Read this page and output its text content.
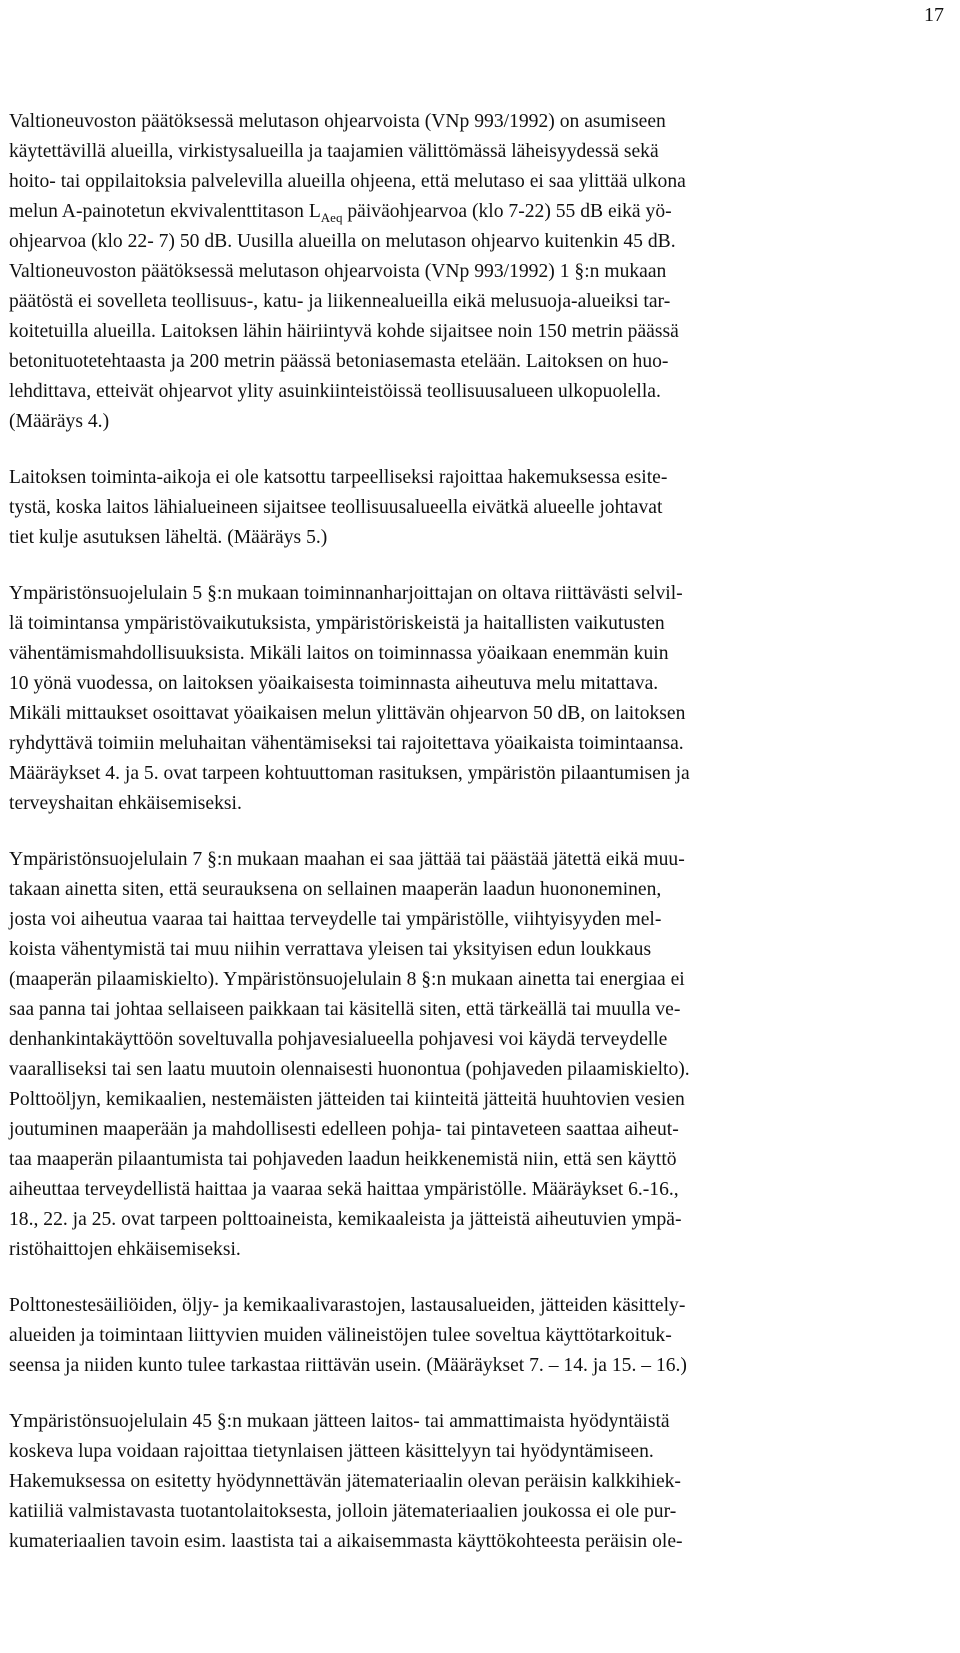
17
Valtioneuvoston päätöksessä melutason ohjearvoista (VNp 993/1992) on asumiseen
käytettävillä alueilla, virkistysalueilla ja taajamien välittömässä läheisyydessä sekä
hoito- tai oppilaitoksia palvelevilla alueilla ohjeena, että melutaso ei saa ylittää ulkona
melun A-painotetun ekvivalenttitason $L_{Aeq}$ päiväohjearvoa (klo 7-22) 55 dB eikä yö-
ohjearvoa (klo 22- 7) 50 dB. Uusilla alueilla on melutason ohjearvo kuitenkin 45 dB.
Valtioneuvoston päätöksessä melutason ohjearvoista (VNp 993/1992) 1 §:n mukaan
päätöstä ei sovelleta teollisuus-, katu- ja liikennealueilla eikä melusuoja-alueiksi tar-
koitetuilla alueilla. Laitoksen lähin häiriintyvä kohde sijaitsee noin 150 metrin päässä
betonituotetehtaasta ja 200 metrin päässä betoniasemasta etelään. Laitoksen on huo-
lehdittava, etteivät ohjearvot ylity asuinkiinteistöissä teollisuusalueen ulkopuolella.
(Määräys 4.)
Laitoksen toiminta-aikoja ei ole katsottu tarpeelliseksi rajoittaa hakemuksessa esite-
tystä, koska laitos lähialueineen sijaitsee teollisuusalueella eivätkä alueelle johtavat
tiet kulje asutuksen läheltä. (Määräys 5.)
Ympäristönsuojelulain 5 §:n mukaan toiminnanharjoittajan on oltava riittävästi selvil-
lä toimintansa ympäristövaikutuksista, ympäristöriskeistä ja haitallisten vaikutusten
vähentämismahdollisuuksista. Mikäli laitos on toiminnassa yöaikaan enemmän kuin
10 yönä vuodessa, on laitoksen yöaikaisesta toiminnasta aiheutuva melu mitattava.
Mikäli mittaukset osoittavat yöaikaisen melun ylittävän ohjearvon 50 dB, on laitoksen
ryhdyttävä toimiin meluhaitan vähentämiseksi tai rajoitettava yöaikaista toimintaansa.
Määräykset 4. ja 5. ovat tarpeen kohtuuttoman rasituksen, ympäristön pilaantumisen ja
terveyshaitan ehkäisemiseksi.
Ympäristönsuojelulain 7 §:n mukaan maahan ei saa jättää tai päästää jätettä eikä muu-
takaan ainetta siten, että seurauksena on sellainen maaperän laadun huononeminen,
josta voi aiheutua vaaraa tai haittaa terveydelle tai ympäristölle, viihtyisyyden mel-
koista vähentymistä tai muu niihin verrattava yleisen tai yksityisen edun loukkaus
(maaperän pilaamiskielto). Ympäristönsuojelulain 8 §:n mukaan ainetta tai energiaa ei
saa panna tai johtaa sellaiseen paikkaan tai käsitellä siten, että tärkeällä tai muulla ve-
denhankintakäyttöön soveltuvalla pohjavesialueella pohjavesi voi käydä terveydelle
vaaralliseksi tai sen laatu muutoin olennaisesti huonontua (pohjaveden pilaamiskielto).
Polttoöljyn, kemikaalien, nestemäisten jätteiden tai kiinteitä jätteitä huuhtovien vesien
joutuminen maaperään ja mahdollisesti edelleen pohja- tai pintaveteen saattaa aiheut-
taa maaperän pilaantumista tai pohjaveden laadun heikkenemistä niin, että sen käyttö
aiheuttaa terveydellistä haittaa ja vaaraa sekä haittaa ympäristölle. Määräykset 6.-16.,
18., 22. ja 25. ovat tarpeen polttoaineista, kemikaaleista ja jätteistä aiheutuvien ympä-
ristöhaittojen ehkäisemiseksi.
Polttonestesäiliöiden, öljy- ja kemikaalivarastojen, lastausalueiden, jätteiden käsittely-
alueiden ja toimintaan liittyvien muiden välineistöjen tulee soveltua käyttötarkoituk-
seensa ja niiden kunto tulee tarkastaa riittävän usein. (Määräykset 7. – 14. ja 15. – 16.)
Ympäristönsuojelulain 45 §:n mukaan jätteen laitos- tai ammattimaista hyödyntäistä
koskeva lupa voidaan rajoittaa tietynlaisen jätteen käsittelyyn tai hyödyntämiseen.
Hakemuksessa on esitetty hyödynnettävän jätemateriaalin olevan peräisin kalkkihiek-
katiiliä valmistavasta tuotantolaitoksesta, jolloin jätemateriaalien joukossa ei ole pur-
kumateriaalien tavoin esim. laastista tai a aikaisemmasta käyttökohteesta peräisin ole-
